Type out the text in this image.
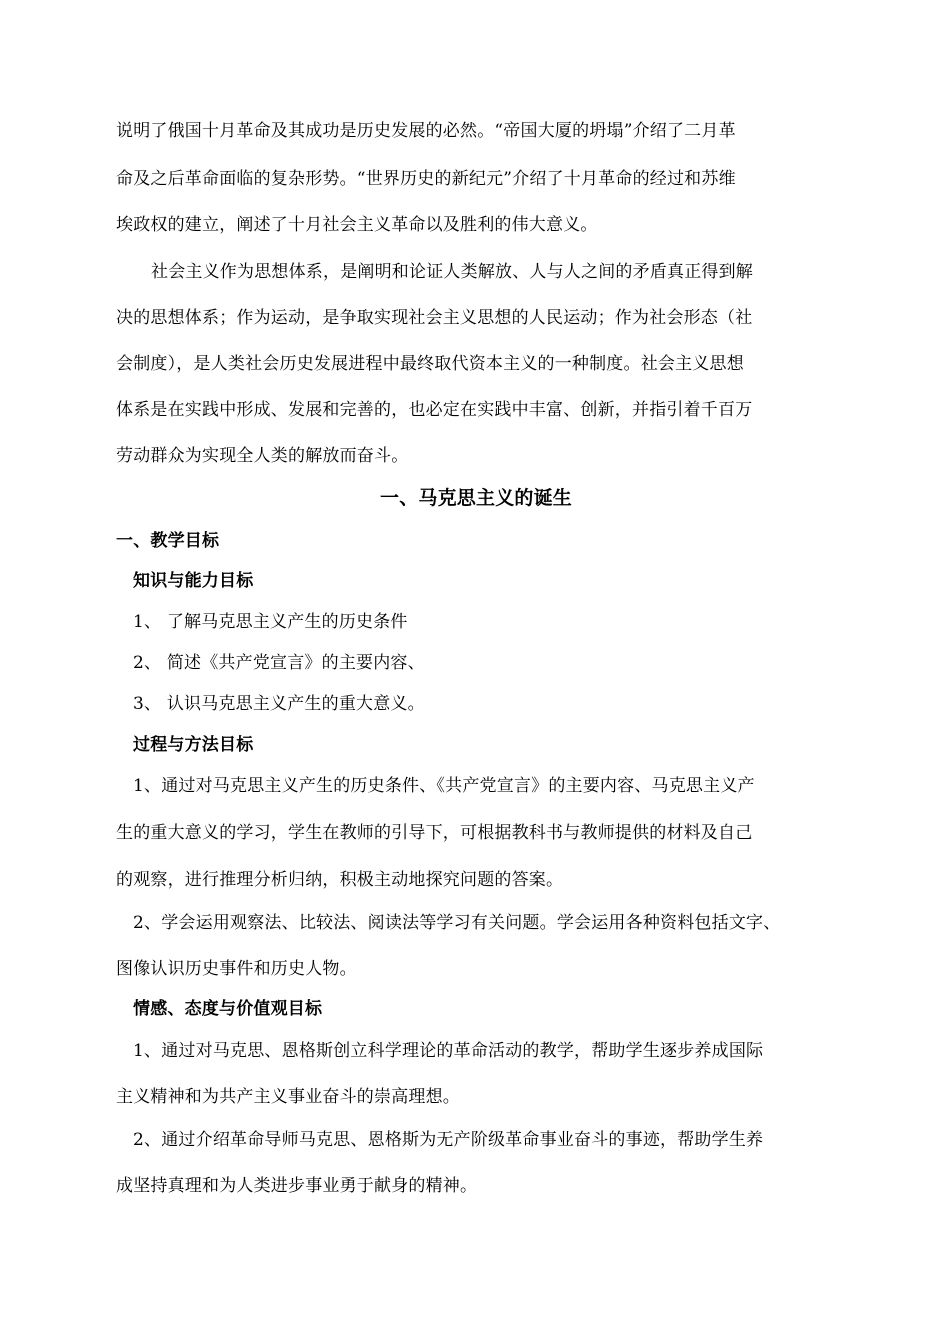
说明了俄国十月革命及其成功是历史发展的必然。“帝国大厦的坍塌”介绍了二月革
命及之后革命面临的复杂形势。“世界历史的新纪元”介绍了十月革命的经过和苏维
埃政权的建立，阐述了十月社会主义革命以及胜利的伟大意义。
社会主义作为思想体系，是阐明和论证人类解放、人与人之间的矛盾真正得到解
决的思想体系；作为运动，是争取实现社会主义思想的人民运动；作为社会形态（社
会制度），是人类社会历史发展进程中最终取代资本主义的一种制度。社会主义思想
体系是在实践中形成、发展和完善的，也必定在实践中丰富、创新，并指引着千百万
劳动群众为实现全人类的解放而奋斗。
一、马克思主义的诞生
一、教学目标
知识与能力目标
1、 了解马克思主义产生的历史条件
2、 简述《共产党宣言》的主要内容、
3、 认识马克思主义产生的重大意义。
过程与方法目标
1、通过对马克思主义产生的历史条件、《共产党宣言》的主要内容、马克思主义产
生的重大意义的学习，学生在教师的引导下，可根据教科书与教师提供的材料及自己
的观察，进行推理分析归纳，积极主动地探究问题的答案。
2、学会运用观察法、比较法、阅读法等学习有关问题。学会运用各种资料包括文字、
图像认识历史事件和历史人物。
情感、态度与价值观目标
1、通过对马克思、恩格斯创立科学理论的革命活动的教学，帮助学生逐步养成国际
主义精神和为共产主义事业奋斗的崇高理想。
2、通过介绍革命导师马克思、恩格斯为无产阶级革命事业奋斗的事迹，帮助学生养
成坚持真理和为人类进步事业勇于献身的精神。
